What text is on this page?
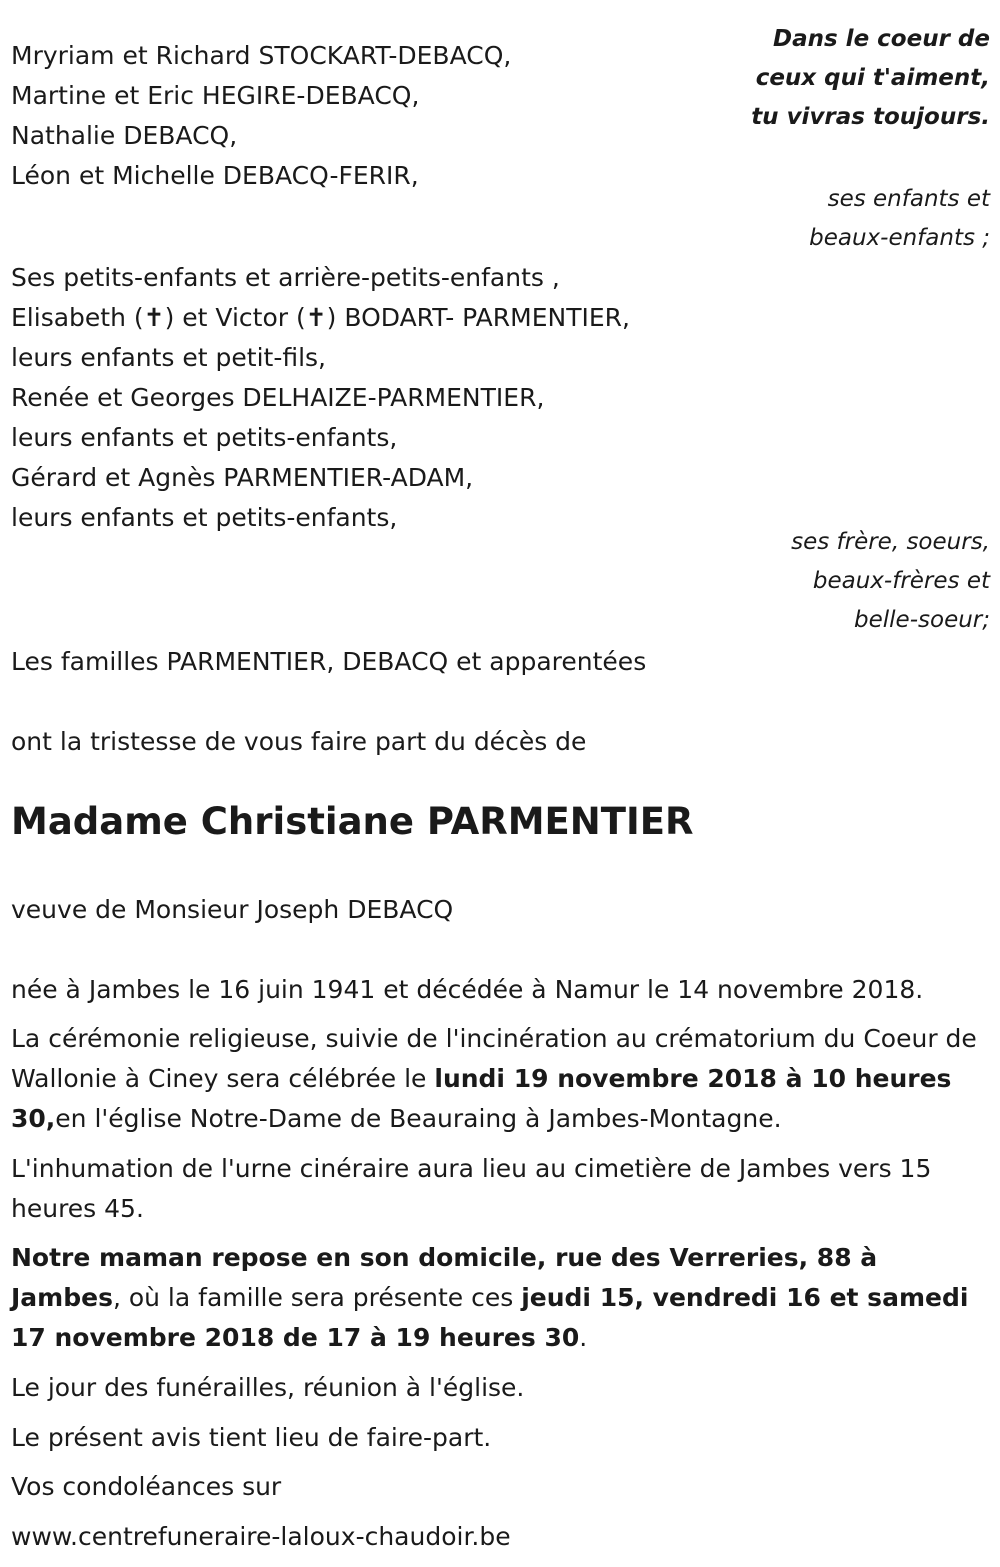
Dans le coeur de
ceux qui t'aiment,
tu vivras toujours.
Mryriam et Richard STOCKART-DEBACQ,
Martine et Eric HEGIRE-DEBACQ,
Nathalie DEBACQ,
Léon et Michelle DEBACQ-FERIR,
ses enfants et
beaux-enfants ;
Ses petits-enfants et arrière-petits-enfants ,
Elisabeth (✝) et Victor (✝) BODART- PARMENTIER,
leurs enfants et petit-fils,
Renée et Georges DELHAIZE-PARMENTIER,
leurs enfants et petits-enfants,
Gérard et Agnès PARMENTIER-ADAM,
leurs enfants et petits-enfants,
ses frère, soeurs,
beaux-frères et
belle-soeur;
Les familles PARMENTIER, DEBACQ et apparentées
ont la tristesse de vous faire part du décès de
Madame Christiane PARMENTIER
veuve de Monsieur Joseph DEBACQ
née à Jambes le 16 juin 1941 et décédée à Namur le 14 novembre 2018.
La cérémonie religieuse, suivie de l'incinération au crématorium du Coeur de Wallonie à Ciney sera célébrée le lundi 19 novembre 2018 à 10 heures 30,en l'église Notre-Dame de Beauraing à Jambes-Montagne.
L'inhumation de l'urne cinéraire aura lieu au cimetière de Jambes vers 15 heures 45.
Notre maman repose en son domicile, rue des Verreries, 88 à Jambes, où la famille sera présente ces jeudi 15, vendredi 16 et samedi 17 novembre 2018 de 17 à 19 heures 30.
Le jour des funérailles, réunion à l'église.
Le présent avis tient lieu de faire-part.
Vos condoléances sur
www.centrefuneraire-laloux-chaudoir.be
